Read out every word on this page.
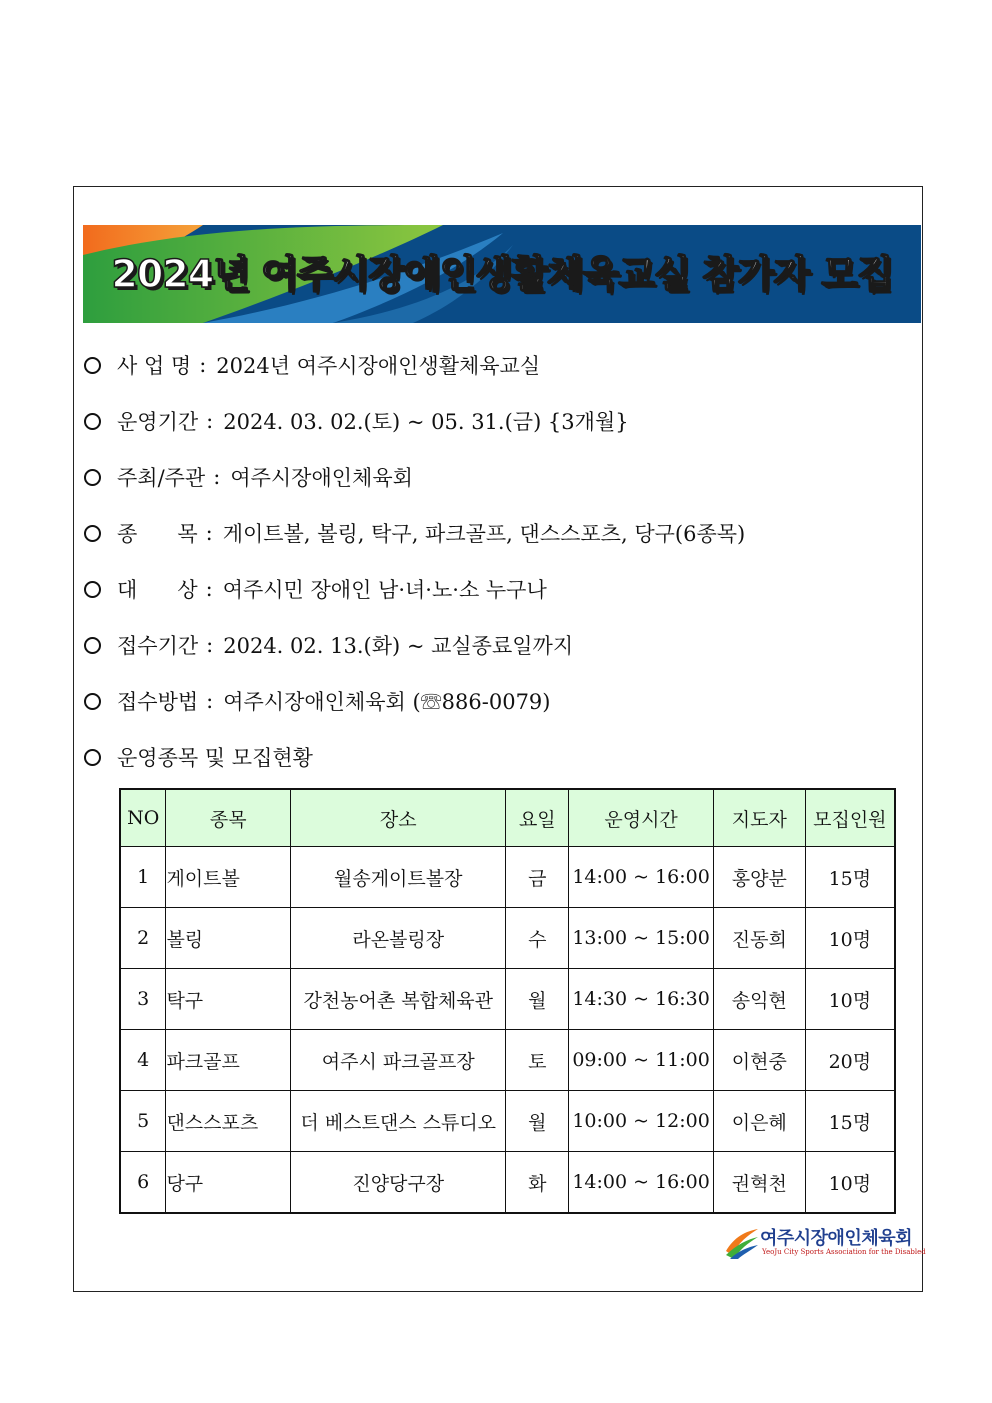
2024년 여주시장애인생활체육교실 참가자 모집
사 업 명 : 2024년 여주시장애인생활체육교실
운영기간 : 2024. 03. 02.(토) ~ 05. 31.(금) {3개월}
주최/주관 : 여주시장애인체육회
종      목 : 게이트볼, 볼링, 탁구, 파크골프, 댄스스포츠, 당구(6종목)
대      상 : 여주시민 장애인 남·녀·노·소 누구나
접수기간 : 2024. 02. 13.(화) ~ 교실종료일까지
접수방법 : 여주시장애인체육회 (☏886-0079)
운영종목 및 모집현황
NO	종목	장소	요일	운영시간	지도자	모집인원
1	게이트볼	월송게이트볼장	금	14:00 ~ 16:00	홍양분	15명
2	볼링	라온볼링장	수	13:00 ~ 15:00	진동희	10명
3	탁구	강천농어촌 복합체육관	월	14:30 ~ 16:30	송익현	10명
4	파크골프	여주시 파크골프장	토	09:00 ~ 11:00	이현중	20명
5	댄스스포츠	더 베스트댄스 스튜디오	월	10:00 ~ 12:00	이은혜	15명
6	당구	진양당구장	화	14:00 ~ 16:00	권혁천	10명
여주시장애인체육회
YeoJu City Sports Association for the Disabled
